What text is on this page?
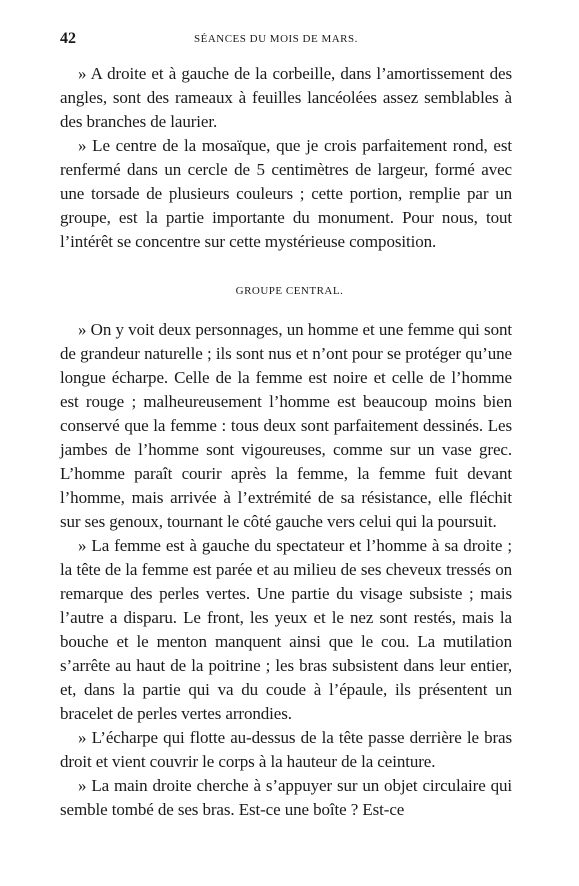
42	SÉANCES DU MOIS DE MARS.

» A droite et à gauche de la corbeille, dans l’amortissement des angles, sont des rameaux à feuilles lancéolées assez semblables à des branches de laurier.

» Le centre de la mosaïque, que je crois parfaitement rond, est renfermé dans un cercle de 5 centimètres de largeur, formé avec une torsade de plusieurs couleurs ; cette portion, remplie par un groupe, est la partie importante du monument. Pour nous, tout l’intérêt se concentre sur cette mystérieuse composition.

GROUPE CENTRAL.

» On y voit deux personnages, un homme et une femme qui sont de grandeur naturelle ; ils sont nus et n’ont pour se protéger qu’une longue écharpe. Celle de la femme est noire et celle de l’homme est rouge ; malheureusement l’homme est beaucoup moins bien conservé que la femme : tous deux sont parfaitement dessinés. Les jambes de l’homme sont vigoureuses, comme sur un vase grec. L’homme paraît courir après la femme, la femme fuit devant l’homme, mais arrivée à l’extrémité de sa résistance, elle fléchit sur ses genoux, tournant le côté gauche vers celui qui la poursuit.

» La femme est à gauche du spectateur et l’homme à sa droite ; la tête de la femme est parée et au milieu de ses cheveux tressés on remarque des perles vertes. Une partie du visage subsiste ; mais l’autre a disparu. Le front, les yeux et le nez sont restés, mais la bouche et le menton manquent ainsi que le cou. La mutilation s’arrête au haut de la poitrine ; les bras subsistent dans leur entier, et, dans la partie qui va du coude à l’épaule, ils présentent un bracelet de perles vertes arrondies.

» L’écharpe qui flotte au-dessus de la tête passe derrière le bras droit et vient couvrir le corps à la hauteur de la ceinture.

» La main droite cherche à s’appuyer sur un objet circulaire qui semble tombé de ses bras. Est-ce une boîte ? Est-ce
